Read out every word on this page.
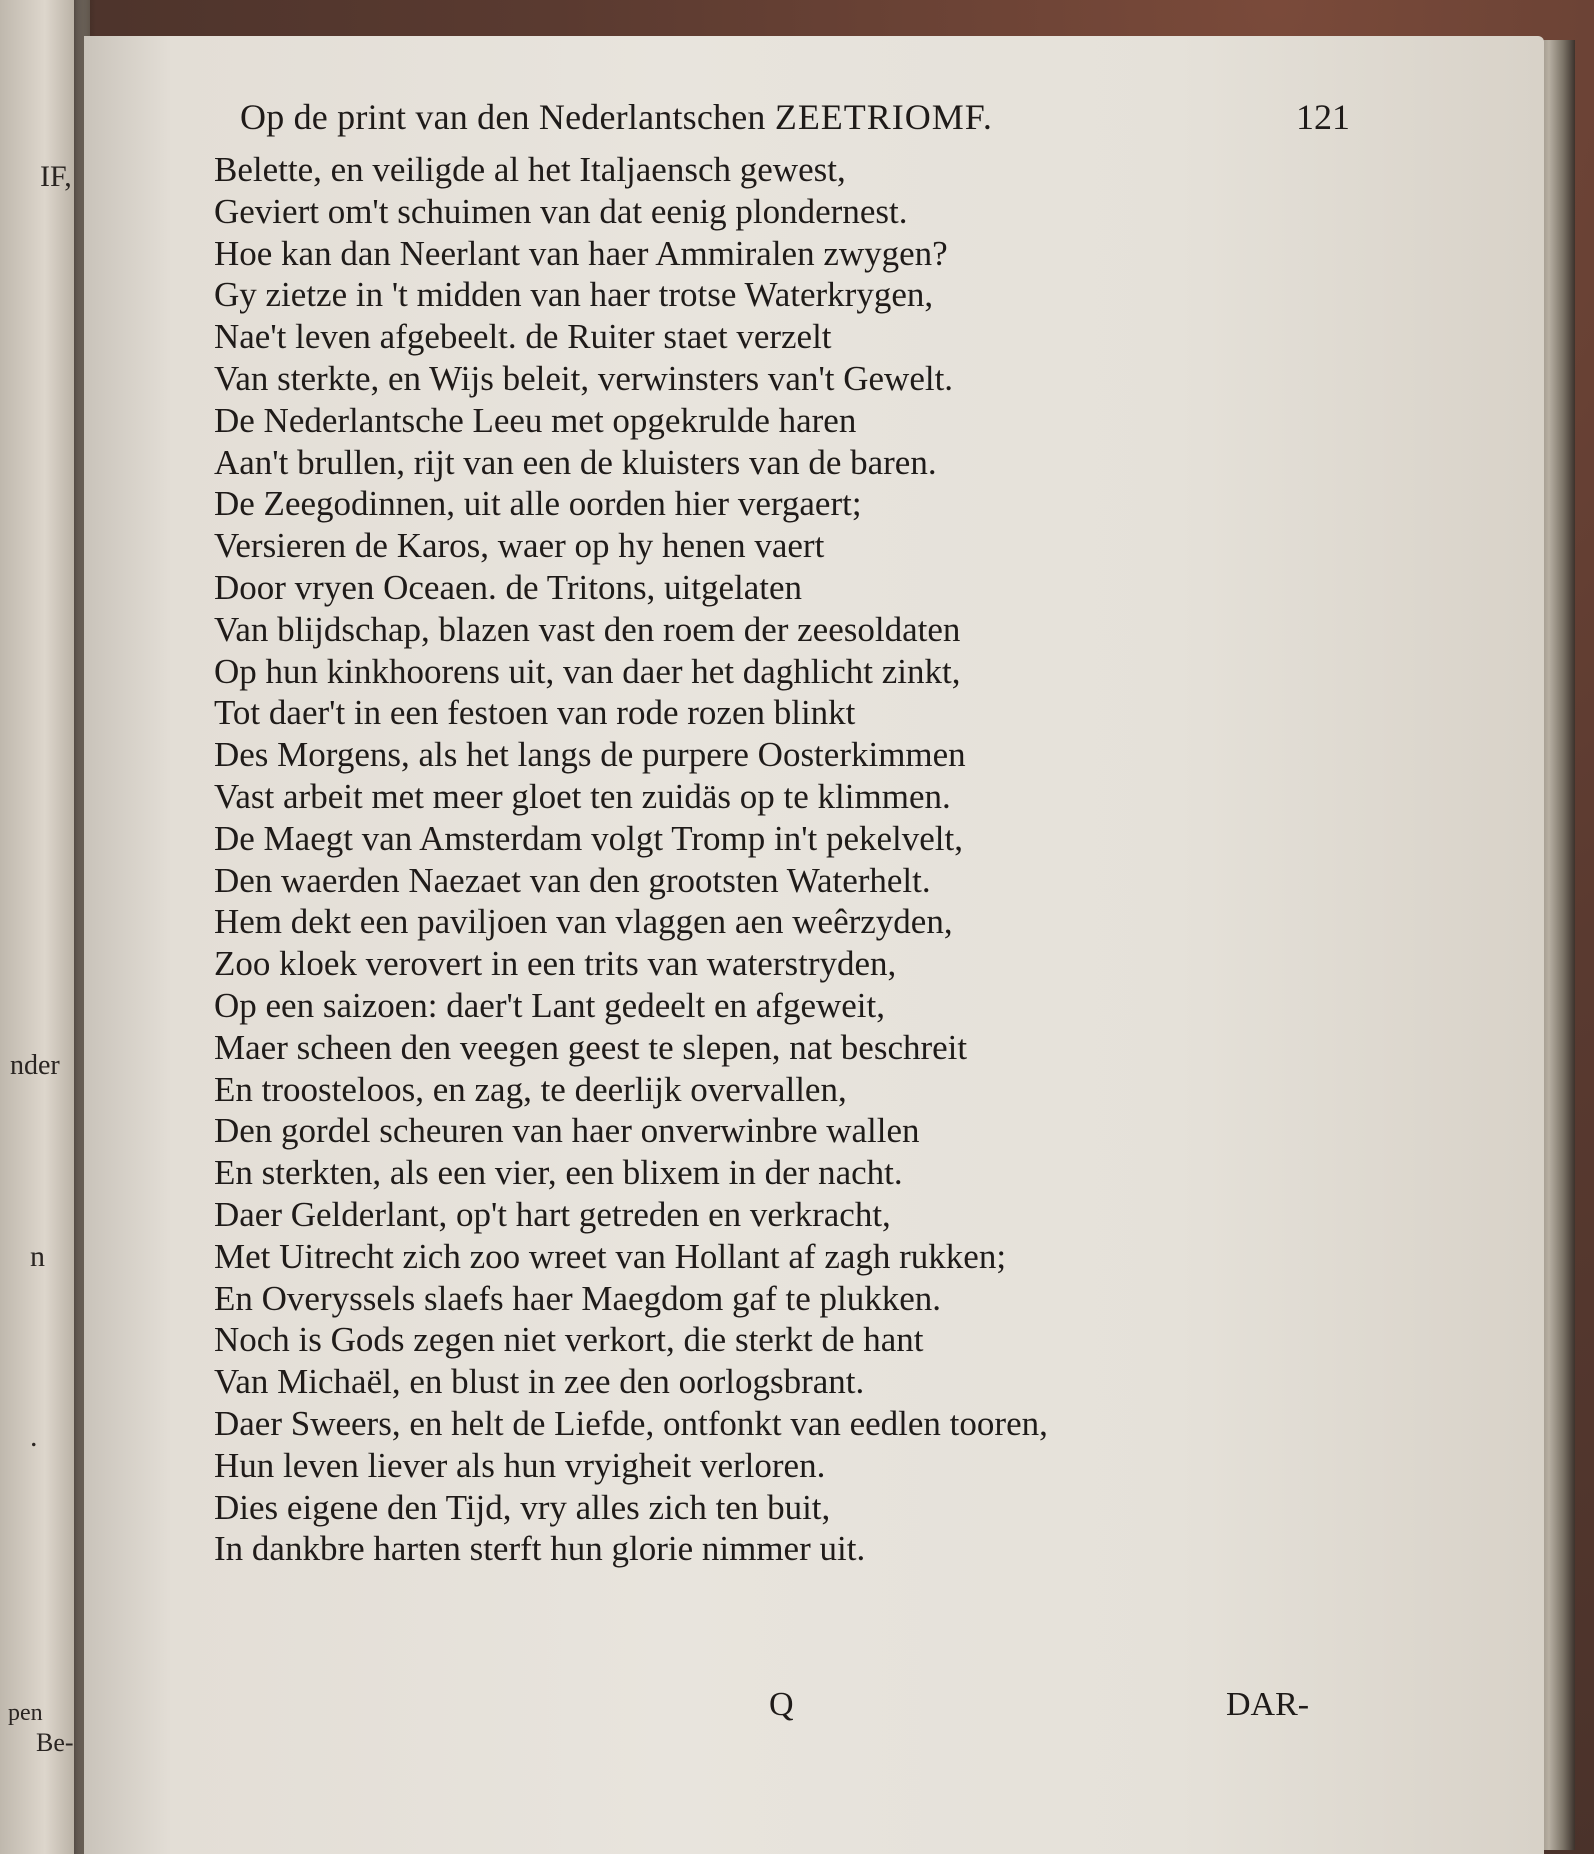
IF,
nder
n
.
pen
Be-
Op de print van den Nederlantschen ZEETRIOMF.	121
Belette, en veiligde al het Italjaensch gewest,
Geviert om't schuimen van dat eenig plondernest.
Hoe kan dan Neerlant van haer Ammiralen zwygen?
Gy zietze in 't midden van haer trotse Waterkrygen,
Nae't leven afgebeelt. de Ruiter staet verzelt
Van sterkte, en Wijs beleit, verwinsters van't Gewelt.
De Nederlantsche Leeu met opgekrulde haren
Aan't brullen, rijt van een de kluisters van de baren.
De Zeegodinnen, uit alle oorden hier vergaert;
Versieren de Karos, waer op hy henen vaert
Door vryen Oceaen. de Tritons, uitgelaten
Van blijdschap, blazen vast den roem der zeesoldaten
Op hun kinkhoorens uit, van daer het daghlicht zinkt,
Tot daer't in een festoen van rode rozen blinkt
Des Morgens, als het langs de purpere Oosterkimmen
Vast arbeit met meer gloet ten zuidäs op te klimmen.
De Maegt van Amsterdam volgt Tromp in't pekelvelt,
Den waerden Naezaet van den grootsten Waterhelt.
Hem dekt een paviljoen van vlaggen aen weêrzyden,
Zoo kloek verovert in een trits van waterstryden,
Op een saizoen: daer't Lant gedeelt en afgeweit,
Maer scheen den veegen geest te slepen, nat beschreit
En troosteloos, en zag, te deerlijk overvallen,
Den gordel scheuren van haer onverwinbre wallen
En sterkten, als een vier, een blixem in der nacht.
Daer Gelderlant, op't hart getreden en verkracht,
Met Uitrecht zich zoo wreet van Hollant af zagh rukken;
En Overyssels slaefs haer Maegdom gaf te plukken.
Noch is Gods zegen niet verkort, die sterkt de hant
Van Michaël, en blust in zee den oorlogsbrant.
Daer Sweers, en helt de Liefde, ontfonkt van eedlen tooren,
Hun leven liever als hun vryigheit verloren.
Dies eigene den Tijd, vry alles zich ten buit,
In dankbre harten sterft hun glorie nimmer uit.
Q	DAR-
